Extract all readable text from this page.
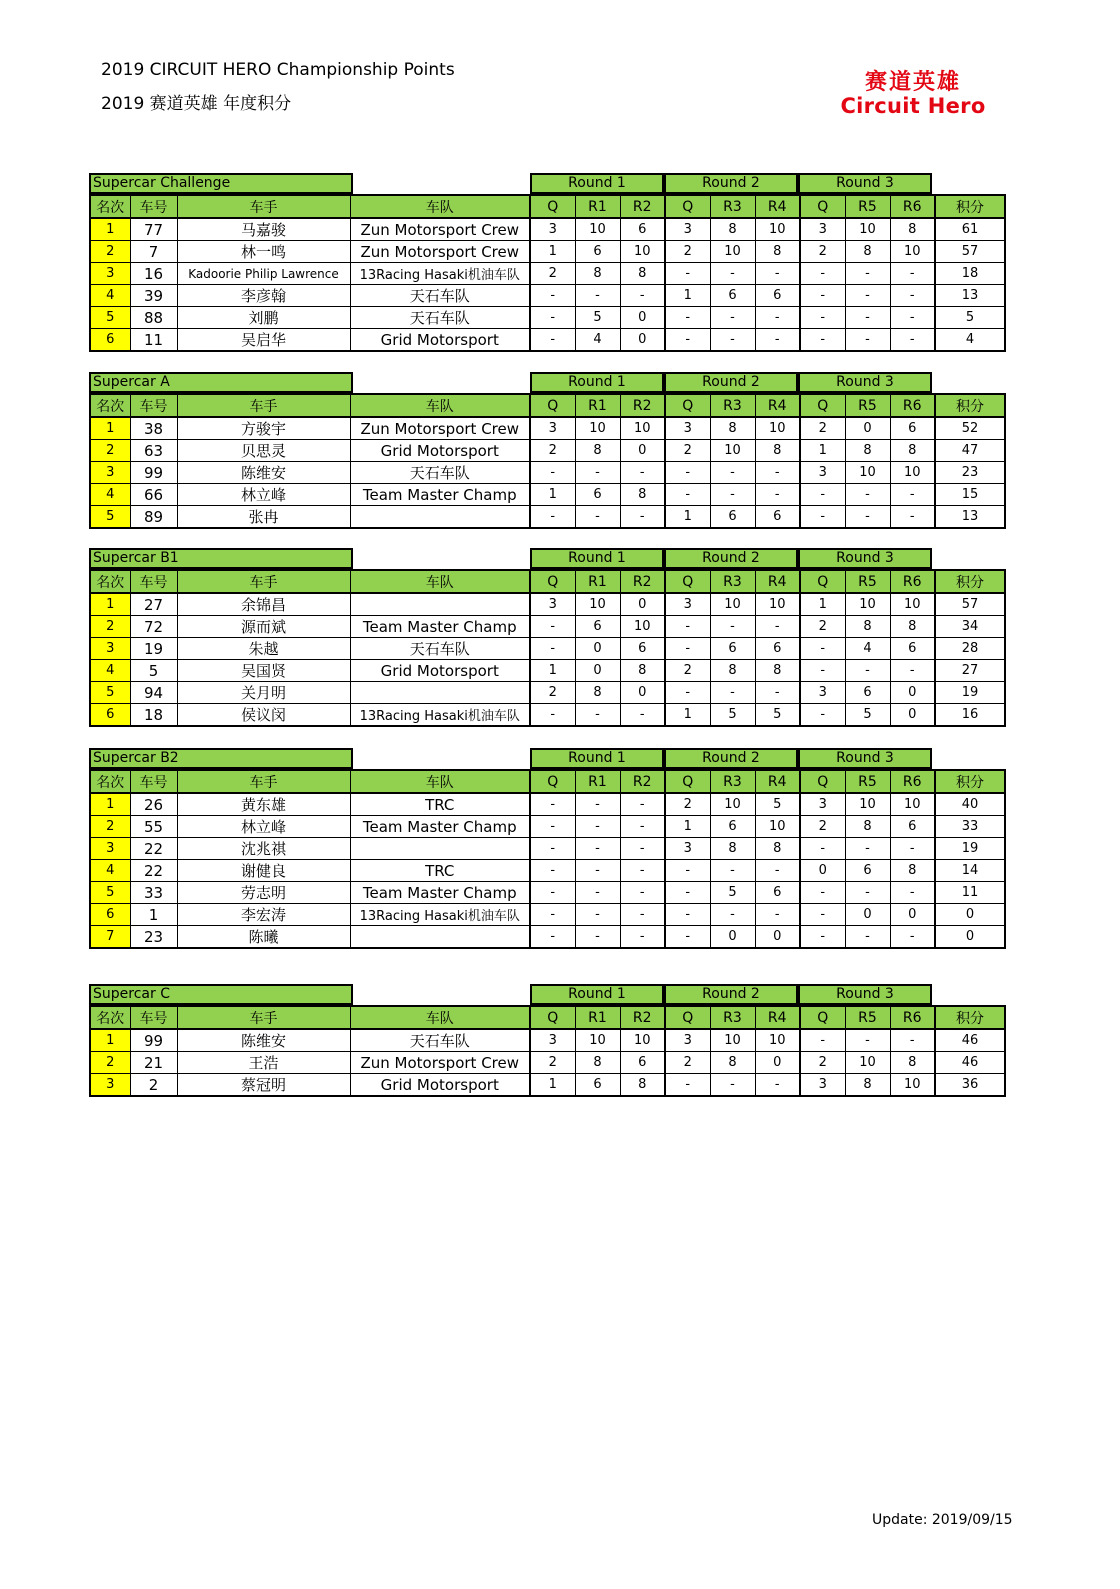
2019 CIRCUIT HERO Championship Points
2019 赛道英雄 年度积分
赛道英雄
Circuit Hero
Supercar Challenge	Round 1	Round 2	Round 3
名次	车号	车手	车队	Q	R1	R2	Q	R3	R4	Q	R5	R6	积分
1	77	马嘉骏	Zun Motorsport Crew	3	10	6	3	8	10	3	10	8	61
2	7	林一鸣	Zun Motorsport Crew	1	6	10	2	10	8	2	8	10	57
3	16	Kadoorie Philip Lawrence	13Racing Hasaki机油车队	2	8	8	-	-	-	-	-	-	18
4	39	李彦翰	天石车队	-	-	-	1	6	6	-	-	-	13
5	88	刘鹏	天石车队	-	5	0	-	-	-	-	-	-	5
6	11	吴启华	Grid Motorsport	-	4	0	-	-	-	-	-	-	4
Supercar A	Round 1	Round 2	Round 3
名次	车号	车手	车队	Q	R1	R2	Q	R3	R4	Q	R5	R6	积分
1	38	方骏宇	Zun Motorsport Crew	3	10	10	3	8	10	2	0	6	52
2	63	贝思灵	Grid Motorsport	2	8	0	2	10	8	1	8	8	47
3	99	陈维安	天石车队	-	-	-	-	-	-	3	10	10	23
4	66	林立峰	Team Master Champ	1	6	8	-	-	-	-	-	-	15
5	89	张冉		-	-	-	1	6	6	-	-	-	13
Supercar B1	Round 1	Round 2	Round 3
名次	车号	车手	车队	Q	R1	R2	Q	R3	R4	Q	R5	R6	积分
1	27	余锦昌		3	10	0	3	10	10	1	10	10	57
2	72	源而斌	Team Master Champ	-	6	10	-	-	-	2	8	8	34
3	19	朱越	天石车队	-	0	6	-	6	6	-	4	6	28
4	5	吴国贤	Grid Motorsport	1	0	8	2	8	8	-	-	-	27
5	94	关月明		2	8	0	-	-	-	3	6	0	19
6	18	侯议闵	13Racing Hasaki机油车队	-	-	-	1	5	5	-	5	0	16
Supercar B2	Round 1	Round 2	Round 3
名次	车号	车手	车队	Q	R1	R2	Q	R3	R4	Q	R5	R6	积分
1	26	黄东雄	TRC	-	-	-	2	10	5	3	10	10	40
2	55	林立峰	Team Master Champ	-	-	-	1	6	10	2	8	6	33
3	22	沈兆祺		-	-	-	3	8	8	-	-	-	19
4	22	谢健良	TRC	-	-	-	-	-	-	0	6	8	14
5	33	劳志明	Team Master Champ	-	-	-	-	5	6	-	-	-	11
6	1	李宏涛	13Racing Hasaki机油车队	-	-	-	-	-	-	-	0	0	0
7	23	陈曦		-	-	-	-	0	0	-	-	-	0
Supercar C	Round 1	Round 2	Round 3
名次	车号	车手	车队	Q	R1	R2	Q	R3	R4	Q	R5	R6	积分
1	99	陈维安	天石车队	3	10	10	3	10	10	-	-	-	46
2	21	王浩	Zun Motorsport Crew	2	8	6	2	8	0	2	10	8	46
3	2	蔡冠明	Grid Motorsport	1	6	8	-	-	-	3	8	10	36
Update: 2019/09/15
